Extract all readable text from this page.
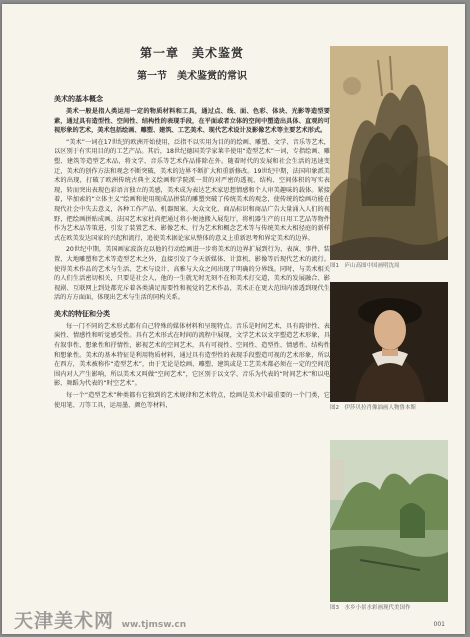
第一章　美术鉴赏
第一节　美术鉴赏的常识
美术的基本概念

美术一般是指人类运用一定的物质材料和工具，通过点、线、面、色彩、体块、光影等造型要素，通过具有造型性、空间性、结构性的表现手段，在平面或者立体的空间中塑造出具体、直观的可视形象的艺术，美术包括绘画、雕塑、建筑、工艺美术、现代艺术设计及影像艺术等主要艺术形式。

“美术”一词在17世纪的欧洲开始使用，泛指不以实用为目的的绘画、雕塑、文学、音乐等艺术，以区别于有实用目的的工艺产品。其后，18世纪德国美学家莱辛使用“造型艺术”一词，专指绘画、雕塑、建筑等造型艺术品，将文学、音乐等艺术作品排除在外。随着时代的发展和社会生活的迅速变迁，美术的创作方法和观念不断突破，美术的边界不断扩大和重新修改。19世纪中期，法国印象派美术的出现，打破了欧洲传统古典主义绘画和学院派一贯的对严密的透视、结构、空间体积的写实表现，转而突出表现色彩语言独立的美感，美术成为表达艺术家思想情感和个人审美趣味的载体。紧接着，毕加索的“立体主义”绘画和使用现成品拼装的雕塑突破了传统美术的观念，使传统的绘画功能在现代社会中失去意义，各种工作产品、机器图案、大众文化、商品标识和商品广告大量涌入人们的视野，把绘画拼贴成画。法国艺术家杜尚把通过将小便池搬入展览厅，将机器生产的日用工艺品等物件作为艺术品等策进，引发了装置艺术、影像艺术、行为艺术和概念艺术等与传统美术大相径庭的新样式在欧美发达国家的兴起和流行，追使美术据论家从整体的意义上重新思考和界定美术的边界。

20世纪中期，美国画家波洛克以他的行动绘画进一步将美术的边界扩展到行为、表演、事件、装置、大地雕塑和艺术等造型艺术之外，直接引发了今天新媒体、计算机、影像等后现代艺术的流行。使得美术作品的艺术与生活、艺术与设计、高雅与大众之间出现了明确的分界线。同时，与美术相关的人们生活密切相关，只要是社会人，他的一生就无时无刻不在和美术打交道，美术的发展融合、影视剧、互联网上到处都充斥着各类满足需要性和视觉的艺术作品，美术正在更大范围内渗透到现代生活的方方面面，体现出艺术与生活的同构关系。

美术的特征和分类

每一门不同的艺术形式都有自己特殊的媒体材料和呈现特点。音乐是时间艺术，具有韵律性、表演性、情感性和听觉感受性。具有艺术形式在时间的流程中展现，文学艺术以文字塑造艺术形象，具有叙事性、想象性和抒情性，影视艺术的空间艺术，具有可视性、空间性、造型性、情感性、结构性和想象性。美术的基本特征是利用物质材料，通过具有造型性的表现手段塑造可视的艺术形象，所以在西方，美术被称作“造型艺术”，由于无论是绘画、雕塑、建筑或是工艺美术都必须在一定的空间范围内对人产生影响，所以美术又叫做“空间艺术”，它区别于以文学、音乐为代表的“时间艺术”和以电影、舞蹈为代表的“时空艺术”。

每一个“造型艺术”种类都有它独到的艺术规律和艺术特点，绘画是美术中最重要的一个门类，它使用笔、刀等工具，运用墨、颜色等材料，

图1　庐山高图中国画明沈周
图2　伊莎贝拉肖像油画人物鲁本斯
图3　水乡小景水彩画现代美国作
001
天津美术网 ww.tjmsw.cn
